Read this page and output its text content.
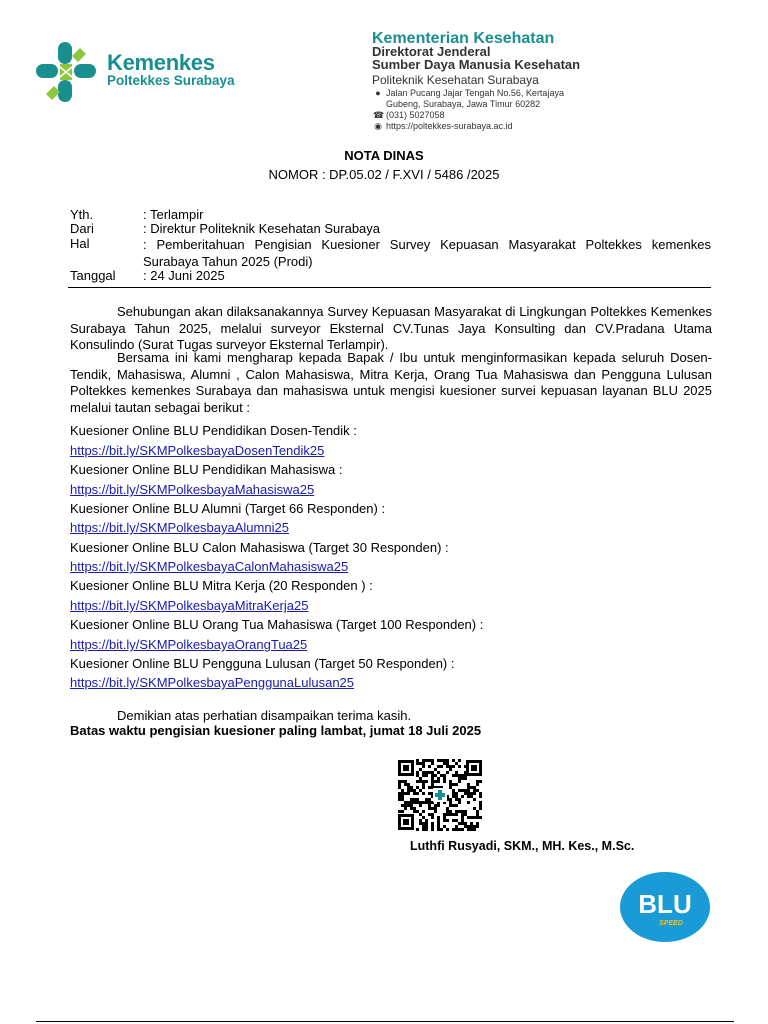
Kemenkes
Poltekkes Surabaya
Kementerian Kesehatan
Direktorat Jenderal
Sumber Daya Manusia Kesehatan
Politeknik Kesehatan Surabaya
● Jalan Pucang Jajar Tengah No.56, Kertajaya
Gubeng, Surabaya, Jawa Timur 60282
☎ (031) 5027058
◉ https://poltekkes-surabaya.ac.id
NOTA DINAS
NOMOR : DP.05.02 / F.XVI / 5486 /2025
Yth.	: Terlampir
Dari	: Direktur Politeknik Kesehatan Surabaya
Hal	: Pemberitahuan Pengisian Kuesioner Survey Kepuasan Masyarakat Poltekkes kemenkes Surabaya Tahun 2025 (Prodi)
Tanggal : 24 Juni 2025
Sehubungan akan dilaksanakannya Survey Kepuasan Masyarakat di Lingkungan Poltekkes Kemenkes Surabaya Tahun 2025, melalui surveyor Eksternal CV.Tunas Jaya Konsulting dan CV.Pradana Utama Konsulindo (Surat Tugas surveyor Eksternal Terlampir).
Bersama ini kami mengharap kepada Bapak / Ibu untuk menginformasikan kepada seluruh Dosen-Tendik, Mahasiswa, Alumni , Calon Mahasiswa, Mitra Kerja, Orang Tua Mahasiswa dan Pengguna Lulusan Poltekkes kemenkes Surabaya dan mahasiswa untuk mengisi kuesioner survei kepuasan layanan BLU 2025 melalui tautan sebagai berikut :
Kuesioner Online BLU Pendidikan Dosen-Tendik :
https://bit.ly/SKMPolkesbayaDosenTendik25
Kuesioner Online BLU Pendidikan Mahasiswa :
https://bit.ly/SKMPolkesbayaMahasiswa25
Kuesioner Online BLU Alumni (Target 66 Responden) :
https://bit.ly/SKMPolkesbayaAlumni25
Kuesioner Online BLU Calon Mahasiswa (Target 30 Responden) :
https://bit.ly/SKMPolkesbayaCalonMahasiswa25
Kuesioner Online BLU Mitra Kerja (20 Responden ) :
https://bit.ly/SKMPolkesbayaMitraKerja25
Kuesioner Online BLU Orang Tua Mahasiswa (Target 100 Responden) :
https://bit.ly/SKMPolkesbayaOrangTua25
Kuesioner Online BLU Pengguna Lulusan (Target 50 Responden) :
https://bit.ly/SKMPolkesbayaPenggunaLulusan25
Demikian atas perhatian disampaikan terima kasih.
Batas waktu pengisian kuesioner paling lambat, jumat 18 Juli 2025
Luthfi Rusyadi, SKM., MH. Kes., M.Sc.
BLU
SPEED
